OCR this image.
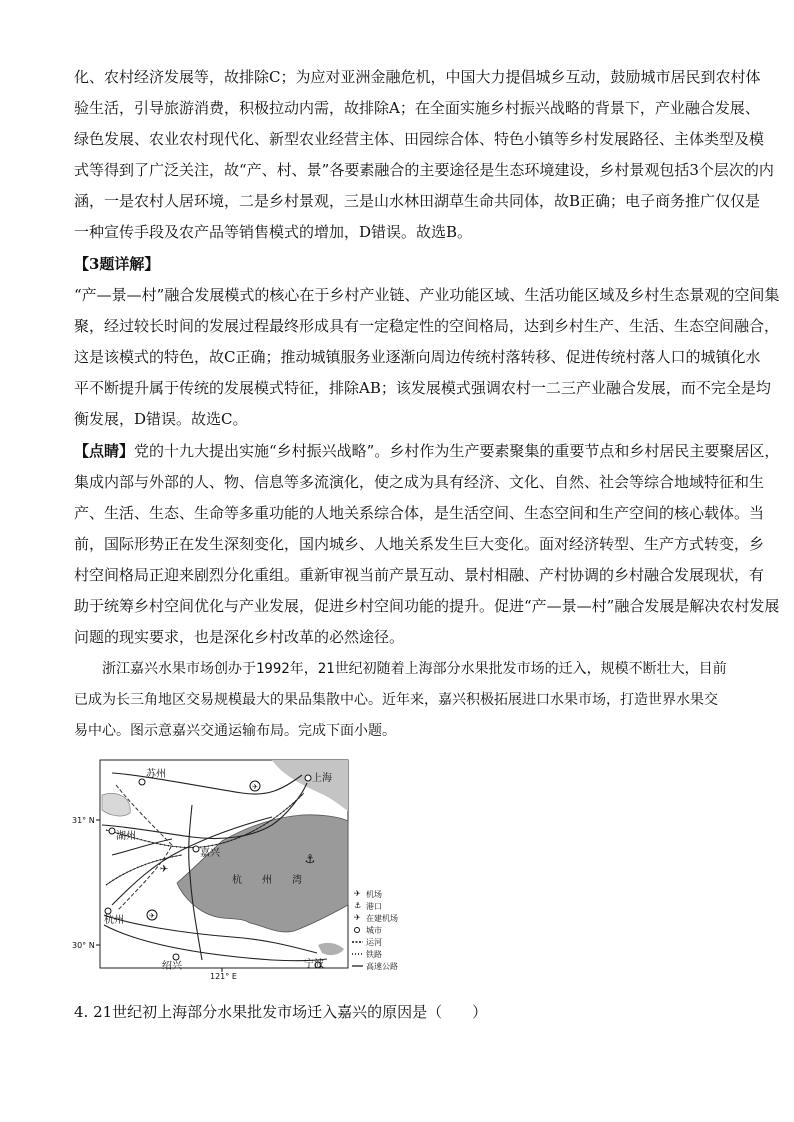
化、农村经济发展等，故排除C；为应对亚洲金融危机，中国大力提倡城乡互动，鼓励城市居民到农村体
验生活，引导旅游消费，积极拉动内需，故排除A；在全面实施乡村振兴战略的背景下，产业融合发展、
绿色发展、农业农村现代化、新型农业经营主体、田园综合体、特色小镇等乡村发展路径、主体类型及模
式等得到了广泛关注，故“产、村、景”各要素融合的主要途径是生态环境建设，乡村景观包括3个层次的内
涵，一是农村人居环境，二是乡村景观，三是山水林田湖草生命共同体，故B正确；电子商务推广仅仅是
一种宣传手段及农产品等销售模式的增加，D错误。故选B。
【3题详解】
“产—景—村”融合发展模式的核心在于乡村产业链、产业功能区域、生活功能区域及乡村生态景观的空间集
聚，经过较长时间的发展过程最终形成具有一定稳定性的空间格局，达到乡村生产、生活、生态空间融合，
这是该模式的特色，故C正确；推动城镇服务业逐渐向周边传统村落转移、促进传统村落人口的城镇化水
平不断提升属于传统的发展模式特征，排除AB；该发展模式强调农村一二三产业融合发展，而不完全是均
衡发展，D错误。故选C。
【点睛】党的十九大提出实施“乡村振兴战略”。乡村作为生产要素聚集的重要节点和乡村居民主要聚居区，
集成内部与外部的人、物、信息等多流演化，使之成为具有经济、文化、自然、社会等综合地域特征和生
产、生活、生态、生命等多重功能的人地关系综合体，是生活空间、生态空间和生产空间的核心载体。当
前，国际形势正在发生深刻变化，国内城乡、人地关系发生巨大变化。面对经济转型、生产方式转变，乡
村空间格局正迎来剧烈分化重组。重新审视当前产景互动、景村相融、产村协调的乡村融合发展现状，有
助于统筹乡村空间优化与产业发展，促进乡村空间功能的提升。促进“产—景—村”融合发展是解决农村发展
问题的现实要求，也是深化乡村改革的必然途径。
浙江嘉兴水果市场创办于1992年，21世纪初随着上海部分水果批发市场的迁入，规模不断壮大，目前
已成为长三角地区交易规模最大的果品集散中心。近年来，嘉兴积极拓展进口水果市场，打造世界水果交
易中心。图示意嘉兴交通运输布局。完成下面小题。
✈
✈
⚓
✈
苏州	上海
湖州
嘉兴
杭州
绍兴	宁波
杭 州 湾
31° N
30° N
121° E
✈ 机场
⚓ 港口
✈ 在建机场
城市
运河
铁路
高速公路
4. 21世纪初上海部分水果批发市场迁入嘉兴的原因是（　　）
